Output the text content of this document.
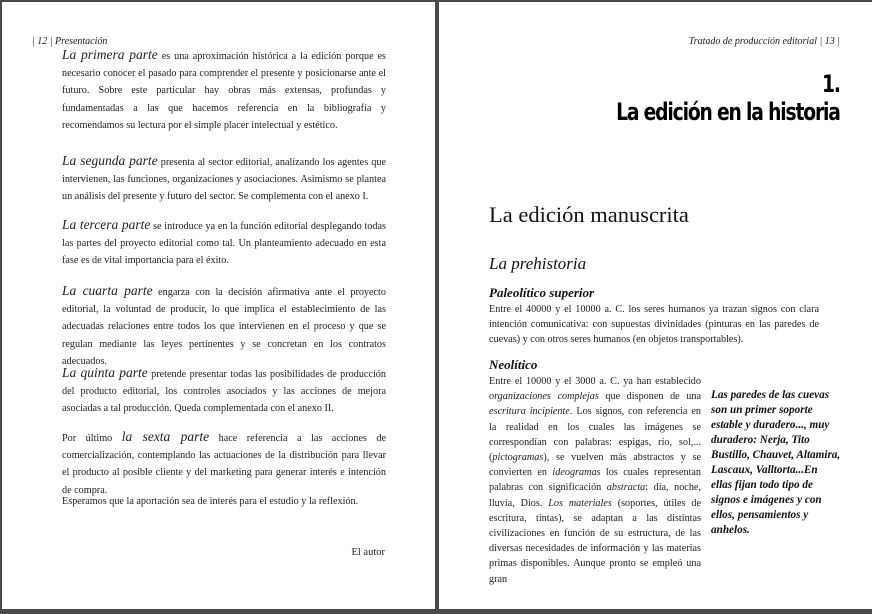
| 12 | Presentación

La primera parte es una aproximación histórica a la edición porque es necesario conocer el pasado para comprender el presente y posicionarse ante el futuro. Sobre este particular hay obras más extensas, profundas y fundamentadas a las que hacemos referencia en la bibliografía y recomendamos su lectura por el simple placer intelectual y estético.

La segunda parte presenta al sector editorial, analizando los agentes que intervienen, las funciones, organizaciones y asociaciones. Asimismo se plantea un análisis del presente y futuro del sector. Se complementa con el anexo I.

La tercera parte se introduce ya en la función editorial desplegando todas las partes del proyecto editorial como tal. Un planteamiento adecuado en esta fase es de vital importancia para el éxito.

La cuarta parte engarza con la decisión afirmativa ante el proyecto editorial, la voluntad de producir, lo que implica el establecimiento de las adecuadas relaciones entre todos los que intervienen en el proceso y que se regulan mediante las leyes pertinentes y se concretan en los contratos adecuados.

La quinta parte pretende presentar todas las posibilidades de producción del producto editorial, los controles asociados y las acciones de mejora asociadas a tal producción. Queda complementada con el anexo II.

Por último la sexta parte hace referencia a las acciones de comercialización, contemplando las actuaciones de la distribución para llevar el producto al posible cliente y del marketing para generar interés e intención de compra.

Esperamos que la aportación sea de interés para el estudio y la reflexión.

El autor
Tratado de producción editorial | 13 |
1.
La edición en la historia
La edición manuscrita
La prehistoria
Paleolítico superior

Entre el 40000 y el 10000 a. C. los seres humanos ya trazan signos con clara intención comunicativa: con supuestas divinidades (pinturas en las paredes de cuevas) y con otros seres humanos (en objetos transportables).

Neolítico

Entre el 10000 y el 3000 a. C. ya han establecido organizaciones complejas que disponen de una escritura incipiente. Los signos, con referencia en la realidad en los cuales las imágenes se correspondían con palabras: espigas, río, sol,... (pictogramas), se vuelven más abstractos y se convierten en ideogramas los cuales representan palabras con significación abstracta: día, noche, lluvia, Dios. Los materiales (soportes, útiles de escritura, tintas), se adaptan a las distintas civilizaciones en función de su estructura, de las diversas necesidades de información y las materias primas disponibles. Aunque pronto se empleó una gran

Las paredes de las cuevas son un primer soporte estable y duradero..., muy duradero: Nerja, Tito Bustillo, Chauvet, Altamira, Lascaux, Valltorta...En ellas fijan todo tipo de signos e imágenes y con ellos, pensamientos y anhelos.
